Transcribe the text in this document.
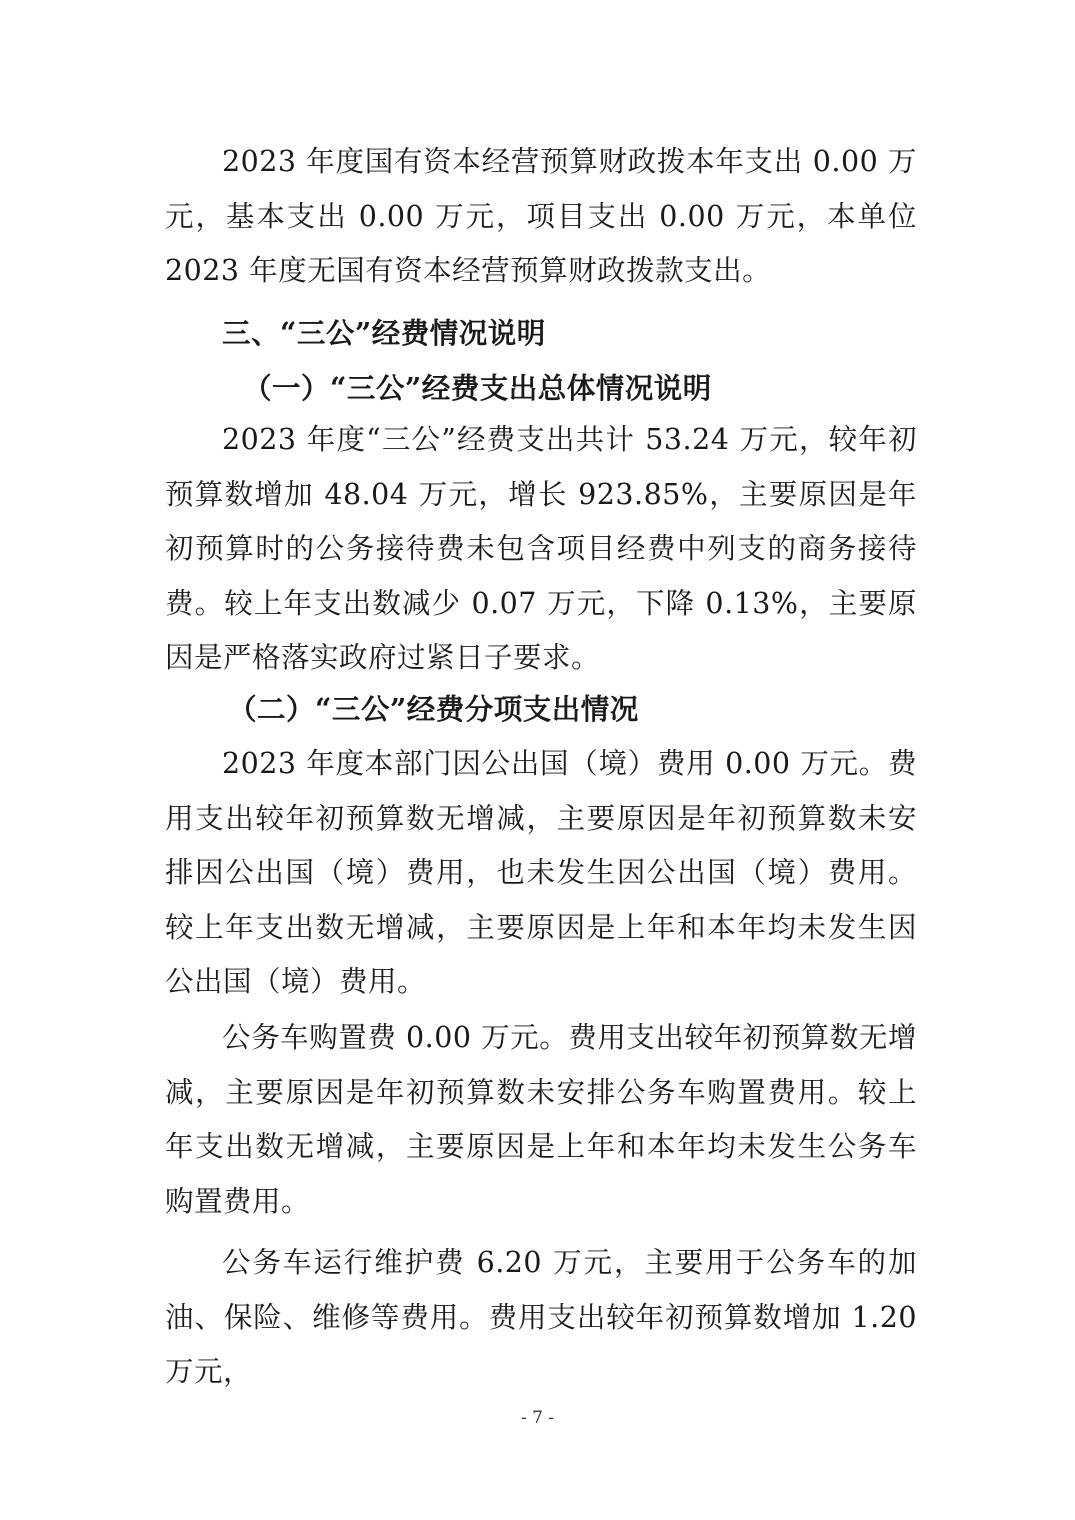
2023 年度国有资本经营预算财政拨本年支出 0.00 万元，基本支出 0.00 万元，项目支出 0.00 万元，本单位 2023 年度无国有资本经营预算财政拨款支出。

三、“三公”经费情况说明
（一）“三公”经费支出总体情况说明

2023 年度“三公”经费支出共计 53.24 万元，较年初预算数增加 48.04 万元，增长 923.85%，主要原因是年初预算时的公务接待费未包含项目经费中列支的商务接待费。较上年支出数减少 0.07 万元，下降 0.13%，主要原因是严格落实政府过紧日子要求。

（二）“三公”经费分项支出情况

2023 年度本部门因公出国（境）费用 0.00 万元。费用支出较年初预算数无增减，主要原因是年初预算数未安排因公出国（境）费用，也未发生因公出国（境）费用。较上年支出数无增减，主要原因是上年和本年均未发生因公出国（境）费用。

公务车购置费 0.00 万元。费用支出较年初预算数无增减，主要原因是年初预算数未安排公务车购置费用。较上年支出数无增减，主要原因是上年和本年均未发生公务车购置费用。

公务车运行维护费 6.20 万元，主要用于公务车的加油、保险、维修等费用。费用支出较年初预算数增加 1.20 万元，

- 7 -
